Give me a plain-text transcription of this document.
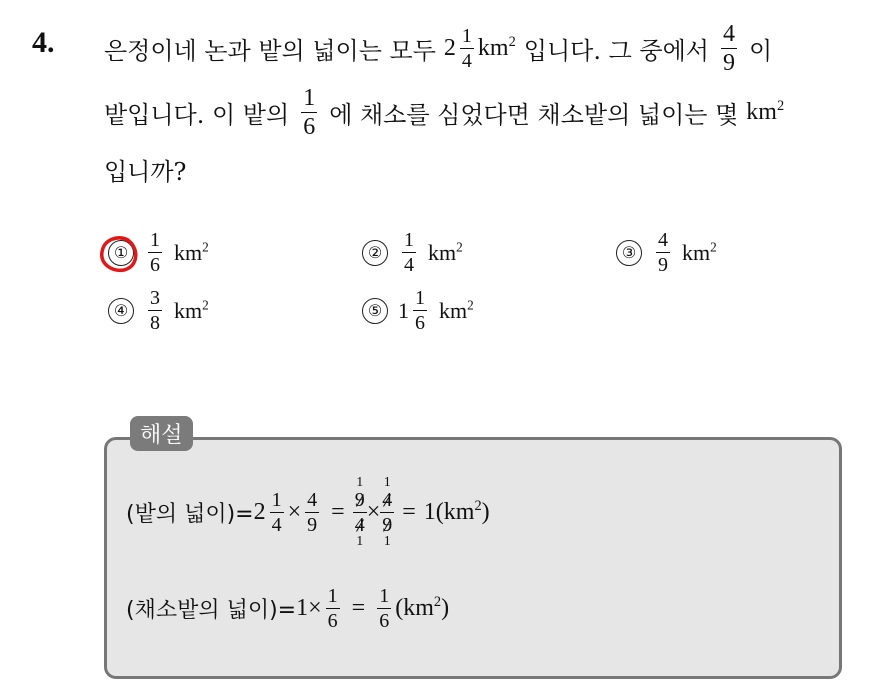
4. 은정이네 논과 밭의 넓이는 모두 $2 \frac{1}{4} km^2$ 입니다. 그 중에서 $\frac{4}{9}$ 이
밭입니다. 이 밭의 $\frac{1}{6}$ 에 채소를 심었다면 채소밭의 넓이는 몇 $km^2$
입니까?
① $\frac{1}{6} km^2$	② $\frac{1}{4} km^2$	③ $\frac{4}{9} km^2$
④ $\frac{3}{8} km^2$	⑤ $1 \frac{1}{6} km^2$
해설
(밭의 넓이)= $2 \frac{1}{4} \times \frac{4}{9}$ =
1
$\frac{9}{4}$
1
×
1
$\frac{4}{9}$
1
= 1( $km^2$ )
(채소밭의 넓이)= $1 \times \frac{1}{6} = \frac{1}{6}$ ( $km^2$ )
